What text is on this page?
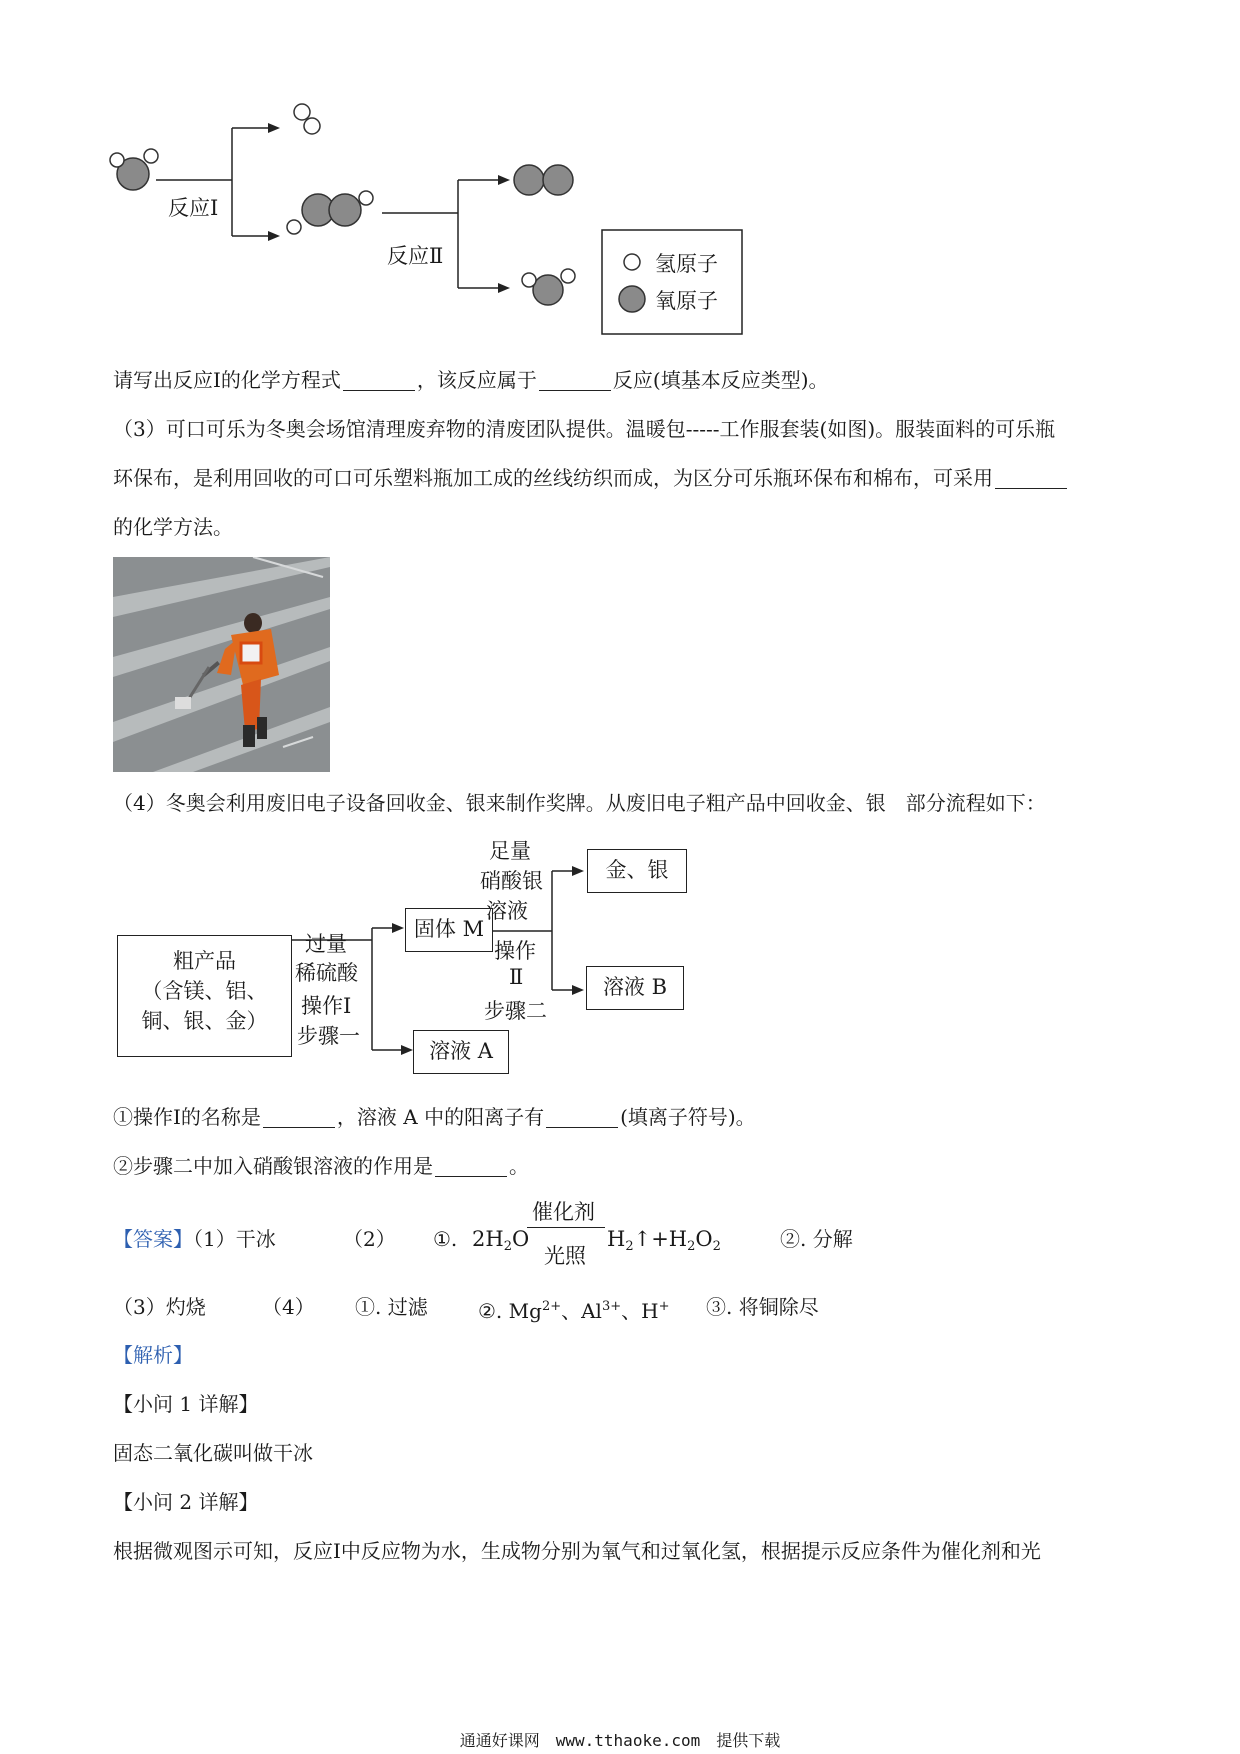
反应Ⅰ
反应Ⅱ	氢原子
氧原子
请写出反应Ⅰ的化学方程式	，该反应属于	反应(填基本反应类型)。
（3）可口可乐为冬奥会场馆清理废弃物的清废团队提供。温暖包-----工作服套装(如图)。服装面料的可乐瓶
环保布，是利用回收的可口可乐塑料瓶加工成的丝线纺织而成，为区分可乐瓶环保布和棉布，可采用
的化学方法。
（4）冬奥会利用废旧电子设备回收金、银来制作奖牌。从废旧电子粗产品中回收金、银　部分流程如下：
粗产品
（含镁、铝、
铜、银、金）
过量
稀硫酸
操作Ⅰ
步骤一
固体 M
溶液 A
足量
硝酸银
溶液
操作
Ⅱ
步骤二
金、银
溶液 B
①操作Ⅰ的名称是	，溶液 A 中的阳离子有	(填离子符号)。
②步骤二中加入硝酸银溶液的作用是	。
【答案】（1）干冰	（2） ①. $2H_2O$
催化剂
光照
$H_2↑+H_2O_2$	②. 分解
（3）灼烧	（4） ①. 过滤	②. $Mg^{2+}$、$Al^{3+}$、H+ ③. 将铜除尽
【解析】
【小问 1 详解】
固态二氧化碳叫做干冰
【小问 2 详解】
根据微观图示可知，反应Ⅰ中反应物为水，生成物分别为氧气和过氧化氢，根据提示反应条件为催化剂和光
通通好课网　www.tthaoke.com　提供下载
